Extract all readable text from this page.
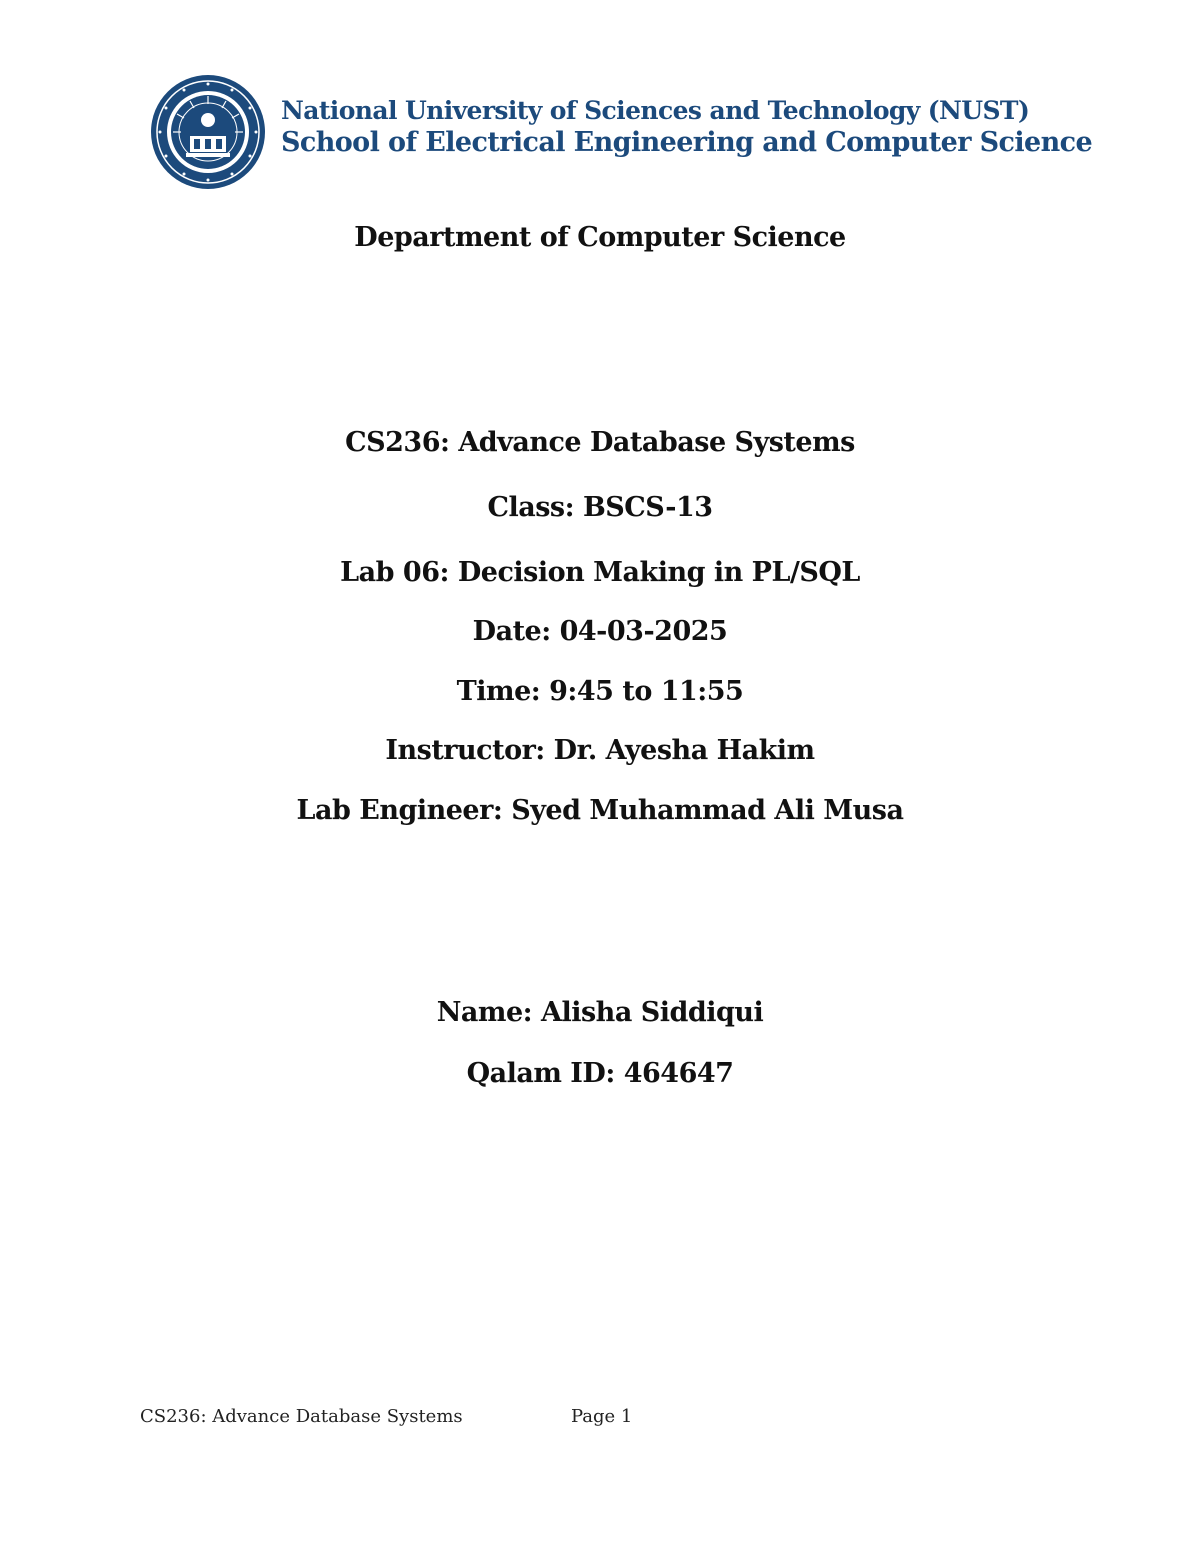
National University of Sciences and Technology (NUST)
School of Electrical Engineering and Computer Science
Department of Computer Science
CS236: Advance Database Systems
Class: BSCS-13
Lab 06: Decision Making in PL/SQL
Date: 04-03-2025
Time: 9:45 to 11:55
Instructor: Dr. Ayesha Hakim
Lab Engineer: Syed Muhammad Ali Musa
Name: Alisha Siddiqui
Qalam ID: 464647
CS236: Advance Database Systems	Page 1
